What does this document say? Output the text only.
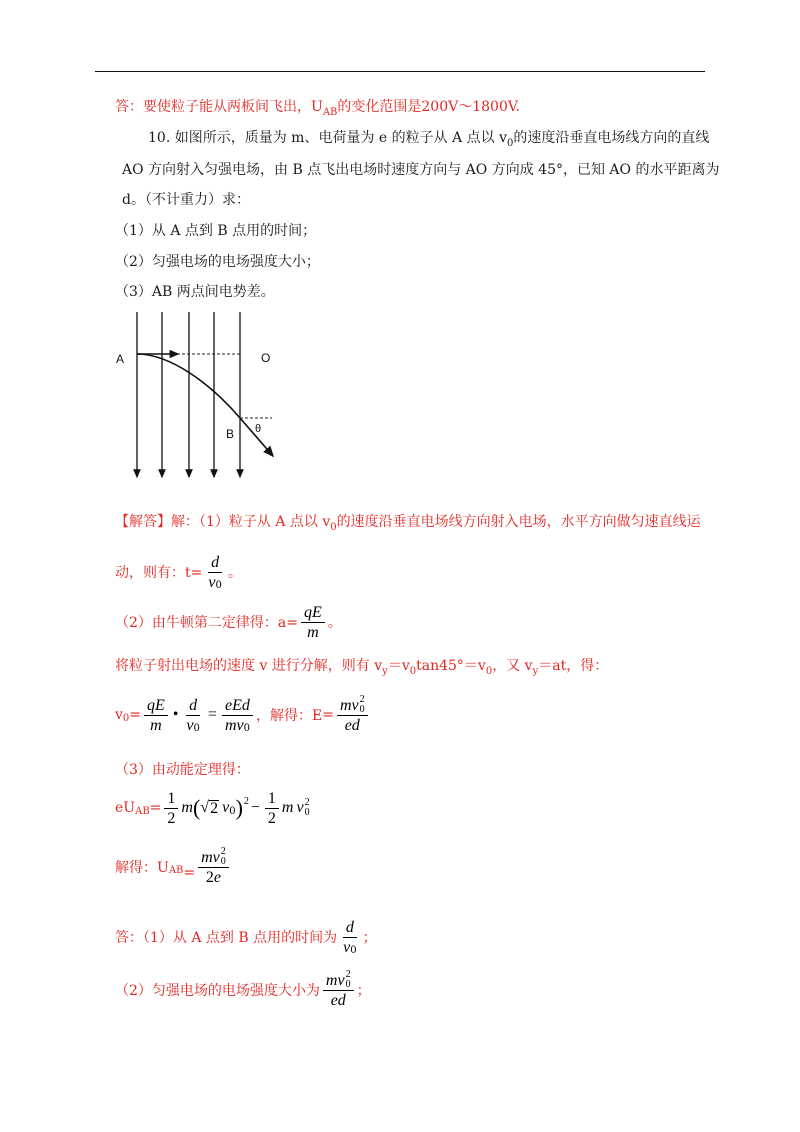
答：要使粒子能从两板间飞出，$U_{AB}$的变化范围是200V～1800V.
10. 如图所示，质量为 m、电荷量为 e 的粒子从 A 点以 $v_0$的速度沿垂直电场线方向的直线
AO 方向射入匀强电场，由 B 点飞出电场时速度方向与 AO 方向成 45°，已知 AO 的水平距离为
d。（不计重力）求：
（1）从 A 点到 B 点用的时间；
（2）匀强电场的电场强度大小；
（3）AB 两点间电势差。
A	O
B θ
【解答】解：（1）粒子从 A 点以 $v_0$的速度沿垂直电场线方向射入电场，水平方向做匀速直线运
动，则有：$t= \frac{d}{v 0}$ 。
（2）由牛顿第二定律得：$a= \frac{qE}{m}$ 。
将粒子射出电场的速度 v 进行分解，则有 $v_y=v_0\tan 45^\circ=v_0$，又 $v_y=at$，得：
v $0 = \frac{qE}{m}$ • $\frac{d}{v 0} = \frac{\text{eEd}}{mv 0}$ ，解得：E = mv 2
0
ed
（3）由动能定理得：
eU AB = $\frac{1}{2}$ m ( √ 2 v 0 ) $2 - \frac{1}{2}$ m v 2
0
解得：U AB = mv 2
0
2 e
答：（1）从 A 点到 B 点用的时间为 $\frac{d}{v 0}$ ；
（2）匀强电场的电场强度大小为 mv 2
0
ed ；
